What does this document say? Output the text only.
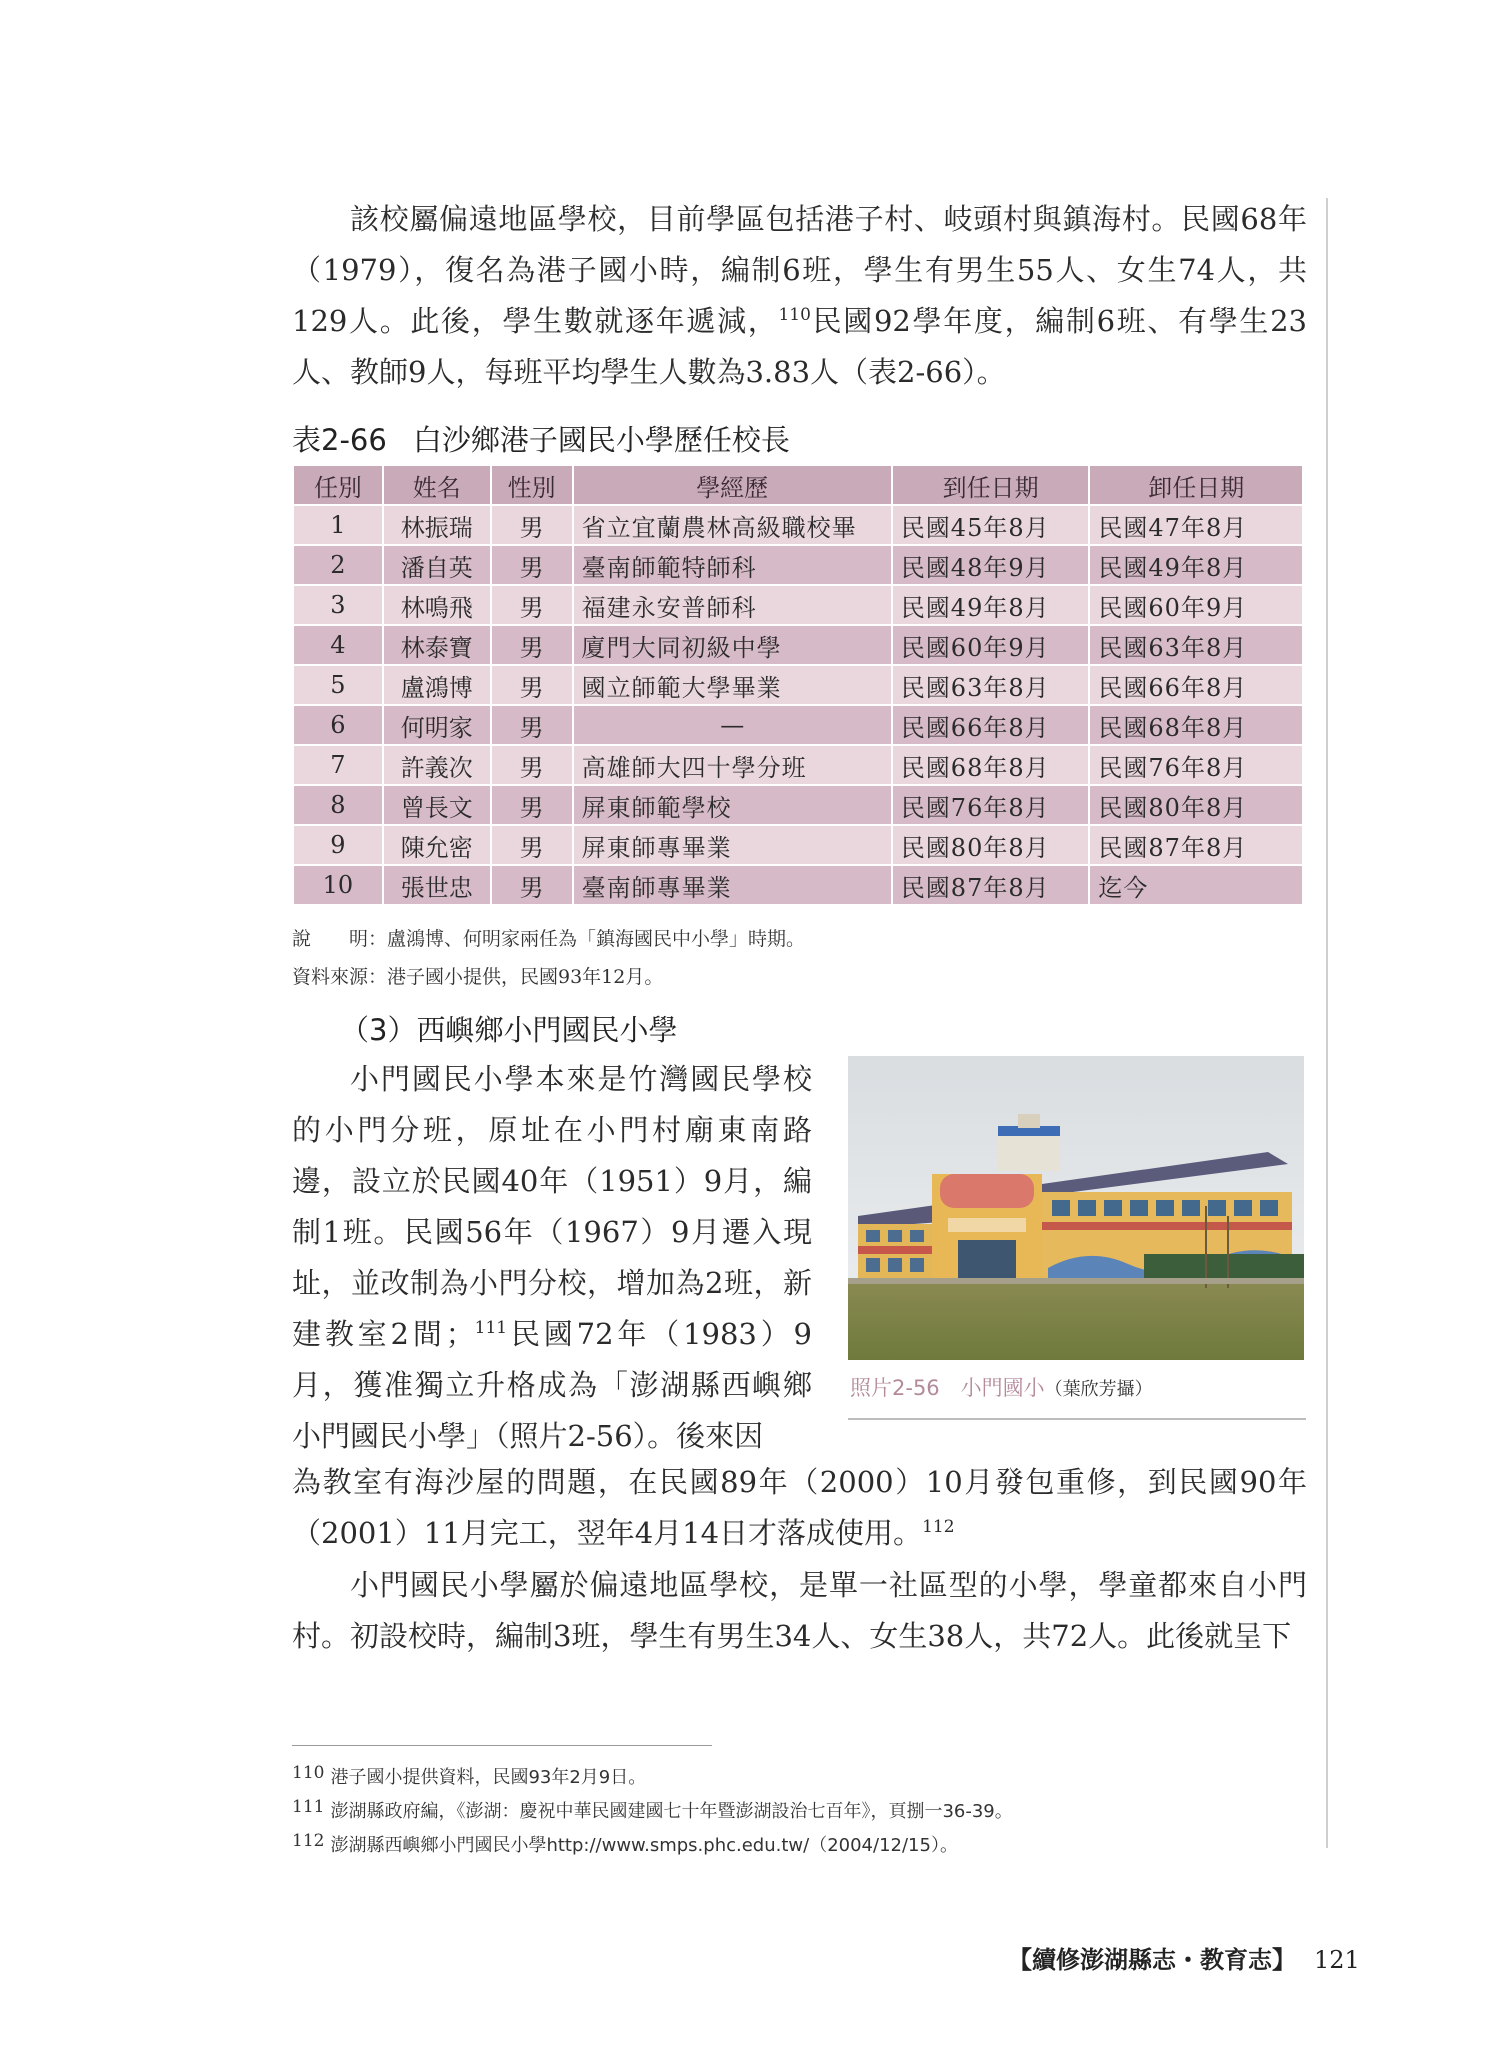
該校屬偏遠地區學校，目前學區包括港子村、岐頭村與鎮海村。民國68年（1979），復名為港子國小時，編制6班，學生有男生55人、女生74人，共129人。此後，學生數就逐年遞減，$^{110}$民國92學年度，編制6班、有學生23人、教師9人，每班平均學生人數為3.83人（表2-66）。

表2-66 白沙鄉港子國民小學歷任校長

任別	姓名	性別	學經歷	到任日期	卸任日期
1	林振瑞	男	省立宜蘭農林高級職校畢	民國45年8月	民國47年8月
2	潘自英	男	臺南師範特師科	民國48年9月	民國49年8月
3	林鳴飛	男	福建永安普師科	民國49年8月	民國60年9月
4	林泰寶	男	廈門大同初級中學	民國60年9月	民國63年8月
5	盧鴻博	男	國立師範大學畢業	民國63年8月	民國66年8月
6	何明家	男	—	民國66年8月	民國68年8月
7	許義次	男	高雄師大四十學分班	民國68年8月	民國76年8月
8	曾長文	男	屏東師範學校	民國76年8月	民國80年8月
9	陳允密	男	屏東師專畢業	民國80年8月	民國87年8月
10	張世忠	男	臺南師專畢業	民國87年8月	迄今

說　　明：盧鴻博、何明家兩任為「鎮海國民中小學」時期。

資料來源：港子國小提供，民國93年12月。

（3）西嶼鄉小門國民小學

小門國民小學本來是竹灣國民學校的小門分班，原址在小門村廟東南路邊，設立於民國40年（1951）9月，編制1班。民國56年（1967）9月遷入現址，並改制為小門分校，增加為2班，新建教室2間；$^{111}$民國72年（1983）9月，獲准獨立升格成為「澎湖縣西嶼鄉小門國民小學」（照片2-56）。後來因

照片2-56　小門國小（葉欣芳攝）

為教室有海沙屋的問題，在民國89年（2000）10月發包重修，到民國90年（2001）11月完工，翌年4月14日才落成使用。$^{112}$

小門國民小學屬於偏遠地區學校，是單一社區型的小學，學童都來自小門村。初設校時，編制3班，學生有男生34人、女生38人，共72人。此後就呈下

110 港子國小提供資料，民國93年2月9日。

111 澎湖縣政府編，《澎湖：慶祝中華民國建國七十年暨澎湖設治七百年》，頁捌一36-39。

112 澎湖縣西嶼鄉小門國民小學http://www.smps.phc.edu.tw/（2004/12/15）。

【續修澎湖縣志・教育志】 121
